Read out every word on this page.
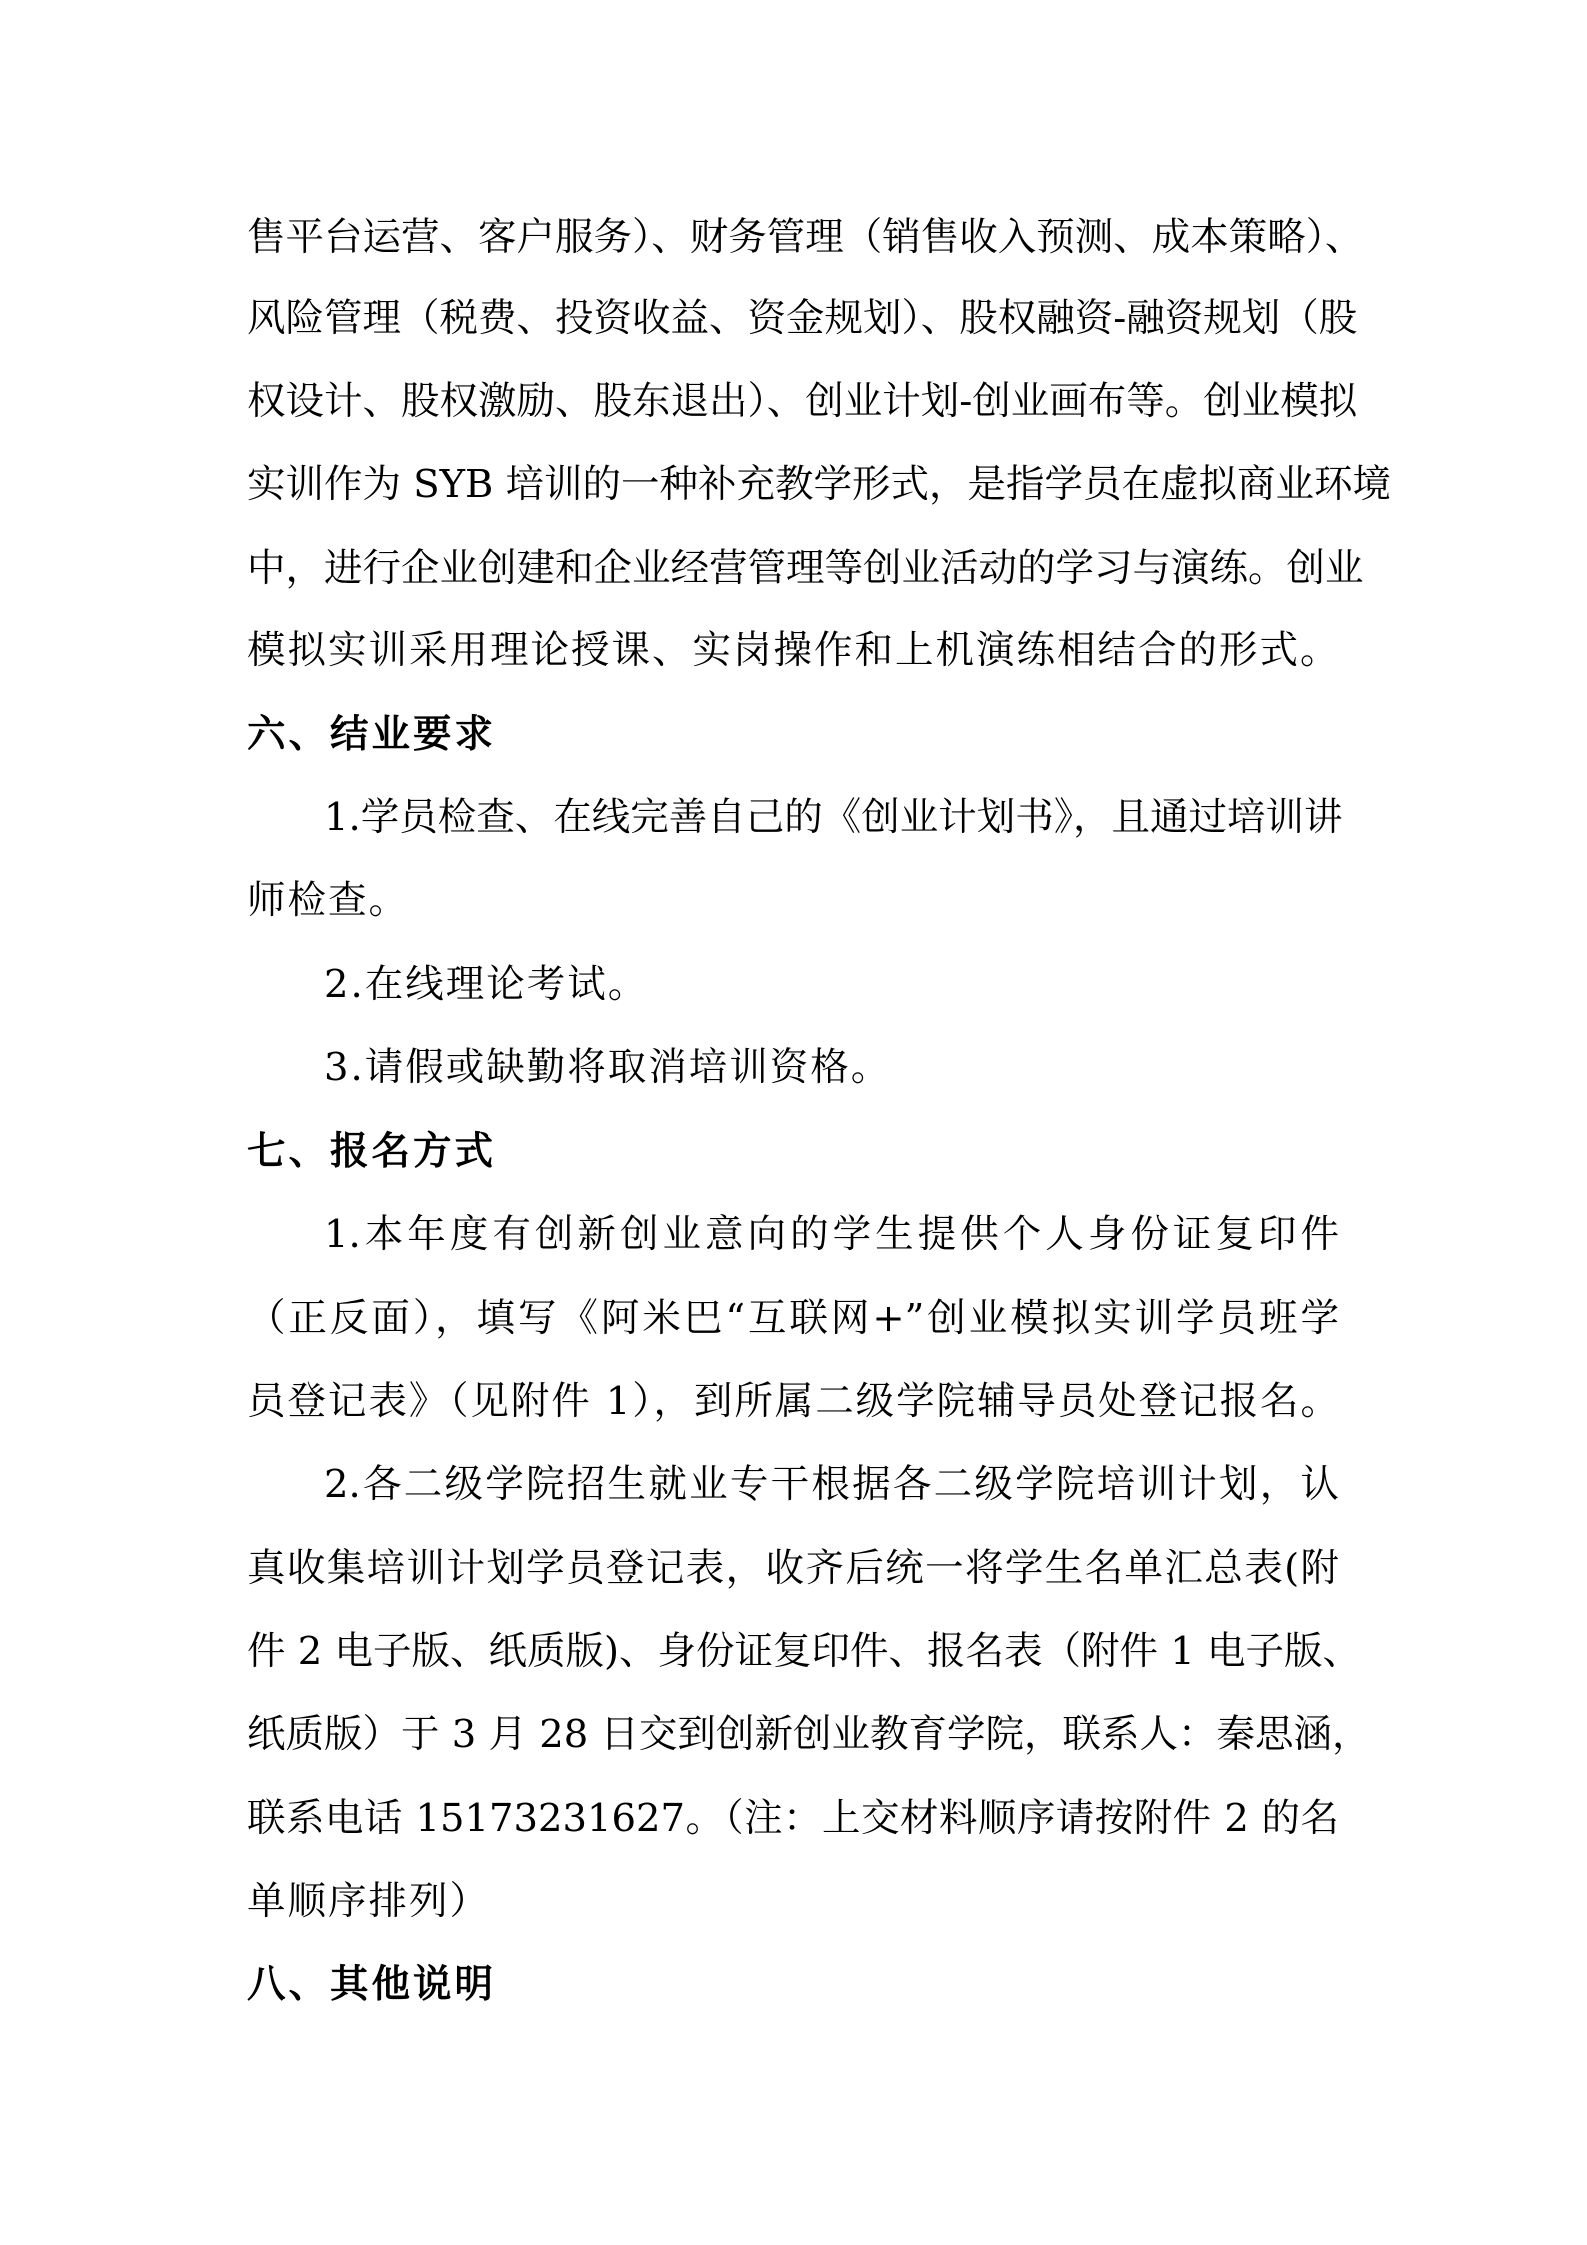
售平台运营、客户服务）、财务管理（销售收入预测、成本策略）、
风险管理（税费、投资收益、资金规划）、股权融资-融资规划（股
权设计、股权激励、股东退出）、创业计划-创业画布等。创业模拟
实训作为 SYB 培训的一种补充教学形式，是指学员在虚拟商业环境
中，进行企业创建和企业经营管理等创业活动的学习与演练。创业
模拟实训采用理论授课、实岗操作和上机演练相结合的形式。
六、结业要求
1.学员检查、在线完善自己的《创业计划书》，且通过培训讲
师检查。
2.在线理论考试。
3.请假或缺勤将取消培训资格。
七、报名方式
1.本年度有创新创业意向的学生提供个人身份证复印件
（正反面），填写《阿米巴“互联网+”创业模拟实训学员班学
员登记表》（见附件 1），到所属二级学院辅导员处登记报名。
2.各二级学院招生就业专干根据各二级学院培训计划，认
真收集培训计划学员登记表，收齐后统一将学生名单汇总表(附
件 2 电子版、纸质版)、身份证复印件、报名表（附件 1 电子版、
纸质版）于 3 月 28 日交到创新创业教育学院，联系人：秦思涵，
联系电话 15173231627。（注：上交材料顺序请按附件 2 的名
单顺序排列）
八、其他说明
